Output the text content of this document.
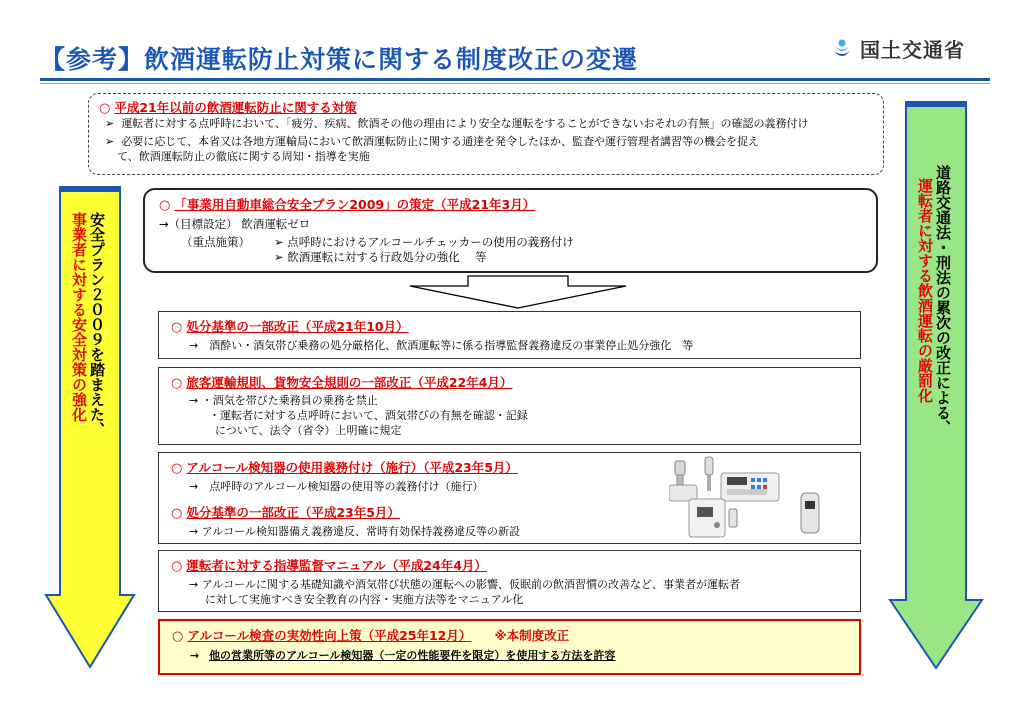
【参考】飲酒運転防止対策に関する制度改正の変遷	国土交通省
○ 平成21年以前の飲酒運転防止に関する対策
➢  運転者に対する点呼時において、「疲労、疾病、飲酒その他の理由により安全な運転をすることができないおそれの有無」の確認の義務付け
➢  必要に応じて、本省又は各地方運輸局において飲酒運転防止に関する通達を発令したほか、監査や運行管理者講習等の機会を捉え
て、飲酒運転防止の徹底に関する周知・指導を実施
○ 「事業用自動車総合安全プラン2009」の策定（平成21年3月）
→（目標設定） 飲酒運転ゼロ
（重点施策）	➢ 点呼時におけるアルコールチェッカーの使用の義務付け
➢ 飲酒運転に対する行政処分の強化　 等
○ 処分基準の一部改正（平成21年10月）
→　酒酔い・酒気帯び乗務の処分厳格化、飲酒運転等に係る指導監督義務違反の事業停止処分強化　等
○ 旅客運輸規則、貨物安全規則の一部改正（平成22年4月）
→ ・酒気を帯びた乗務員の乗務を禁止
・運転者に対する点呼時において、酒気帯びの有無を確認・記録
について、法令（省令）上明確に規定
○ アルコール検知器の使用義務付け（施行）（平成23年5月）
→　点呼時のアルコール検知器の使用等の義務付け（施行）
○ 処分基準の一部改正（平成23年5月）
→ アルコール検知器備え義務違反、常時有効保持義務違反等の新設
○ 運転者に対する指導監督マニュアル（平成24年4月）
→ アルコールに関する基礎知識や酒気帯び状態の運転への影響、仮眠前の飲酒習慣の改善など、事業者が運転者
に対して実施すべき安全教育の内容・実施方法等をマニュアル化
○ アルコール検査の実効性向上策（平成25年12月） ※本制度改正
→ 他の営業所等のアルコール検知器（一定の性能要件を限定）を使用する方法を許容
安全プラン２００９を踏まえた、
事業者に対する安全対策の強化	道路交通法・刑法の累次の改正による、
運転者に対する飲酒運転の厳罰化
